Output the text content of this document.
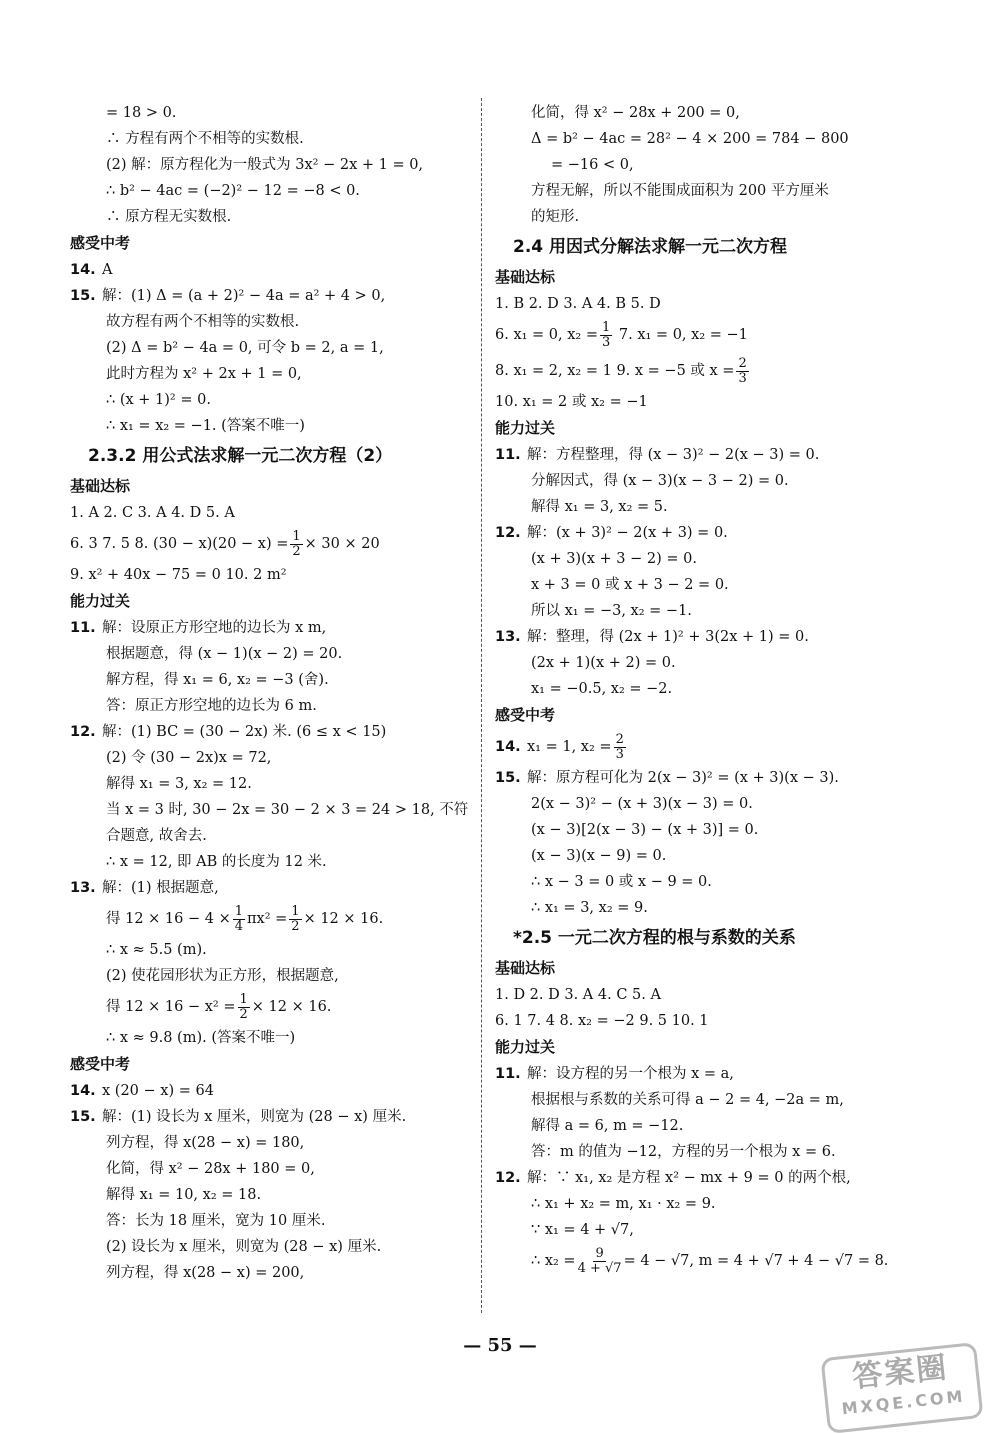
= 18 > 0.
∴ 方程有两个不相等的实数根.
(2) 解：原方程化为一般式为 3x² − 2x + 1 = 0,
∴ b² − 4ac = (−2)² − 12 = −8 < 0.
∴ 原方程无实数根.
感受中考
14. A
15. 解：(1) Δ = (a + 2)² − 4a = a² + 4 > 0,
故方程有两个不相等的实数根.
(2) Δ = b² − 4a = 0, 可令 b = 2, a = 1,
此时方程为 x² + 2x + 1 = 0,
∴ (x + 1)² = 0.
∴ x₁ = x₂ = −1. (答案不唯一)
2.3.2 用公式法求解一元二次方程（2）
基础达标
1. A 2. C 3. A 4. D 5. A
6. 3 7. 5 8. $(30 - x)(20 - x) = \frac{1}{2} \times 30 \times 20$
9. x² + 40x − 75 = 0 10. 2 m²
能力过关
11. 解：设原正方形空地的边长为 x m,
根据题意，得 (x − 1)(x − 2) = 20.
解方程，得 x₁ = 6, x₂ = −3 (舍).
答：原正方形空地的边长为 6 m.
12. 解：(1) BC = (30 − 2x) 米. (6 ≤ x < 15)
(2) 令 (30 − 2x)x = 72,
解得 x₁ = 3, x₂ = 12.
当 x = 3 时, 30 − 2x = 30 − 2 × 3 = 24 > 18, 不符
合题意, 故舍去.
∴ x = 12, 即 AB 的长度为 12 米.
13. 解：(1) 根据题意,
得 $12 \times 16 - 4 \times \frac{1}{4} \pi x^2 = \frac{1}{2} \times 12 \times 16$.
∴ x ≈ 5.5 (m).
(2) 使花园形状为正方形，根据题意,
得 $12 \times 16 - x^2 = \frac{1}{2} \times 12 \times 16$.
∴ x ≈ 9.8 (m). (答案不唯一)
感受中考
14. x (20 − x) = 64
15. 解：(1) 设长为 x 厘米，则宽为 (28 − x) 厘米.
列方程，得 x(28 − x) = 180,
化简，得 x² − 28x + 180 = 0,
解得 x₁ = 10, x₂ = 18.
答：长为 18 厘米，宽为 10 厘米.
(2) 设长为 x 厘米，则宽为 (28 − x) 厘米.
列方程，得 x(28 − x) = 200,
化简，得 x² − 28x + 200 = 0,
Δ = b² − 4ac = 28² − 4 × 200 = 784 − 800
= −16 < 0,
方程无解，所以不能围成面积为 200 平方厘米
的矩形.
2.4 用因式分解法求解一元二次方程
基础达标
1. B 2. D 3. A 4. B 5. D
6. x₁ = 0, $x_2 = \frac{1}{3} 7$. x₁ = 0, x₂ = −1
8. x₁ = 2, x₂ = 1 9. x = −5 或 $x = \frac{2}{3}$
10. x₁ = 2 或 x₂ = −1
能力过关
11. 解：方程整理，得 (x − 3)² − 2(x − 3) = 0.
分解因式，得 (x − 3)(x − 3 − 2) = 0.
解得 x₁ = 3, x₂ = 5.
12. 解：(x + 3)² − 2(x + 3) = 0.
(x + 3)(x + 3 − 2) = 0.
x + 3 = 0 或 x + 3 − 2 = 0.
所以 x₁ = −3, x₂ = −1.
13. 解：整理，得 (2x + 1)² + 3(2x + 1) = 0.
(2x + 1)(x + 2) = 0.
x₁ = −0.5, x₂ = −2.
感受中考
14. x₁ = 1, $x_2 = \frac{2}{3}$
15. 解：原方程可化为 2(x − 3)² = (x + 3)(x − 3).
2(x − 3)² − (x + 3)(x − 3) = 0.
(x − 3)[2(x − 3) − (x + 3)] = 0.
(x − 3)(x − 9) = 0.
∴ x − 3 = 0 或 x − 9 = 0.
∴ x₁ = 3, x₂ = 9.
*2.5 一元二次方程的根与系数的关系
基础达标
1. D 2. D 3. A 4. C 5. A
6. 1 7. 4 8. x₂ = −2 9. 5 10. 1
能力过关
11. 解：设方程的另一个根为 x = a,
根据根与系数的关系可得 a − 2 = 4, −2a = m,
解得 a = 6, m = −12.
答：m 的值为 −12，方程的另一个根为 x = 6.
12. 解：∵ x₁, x₂ 是方程 x² − mx + 9 = 0 的两个根,
∴ x₁ + x₂ = m, x₁ · x₂ = 9.
∵ x₁ = 4 + √7,
∴ $x_2 = \frac{9}{4 + √7} = 4 - √7$, m = 4 + √7 + 4 − √7 = 8.
— 55 —
答案圈
MXQE.COM
